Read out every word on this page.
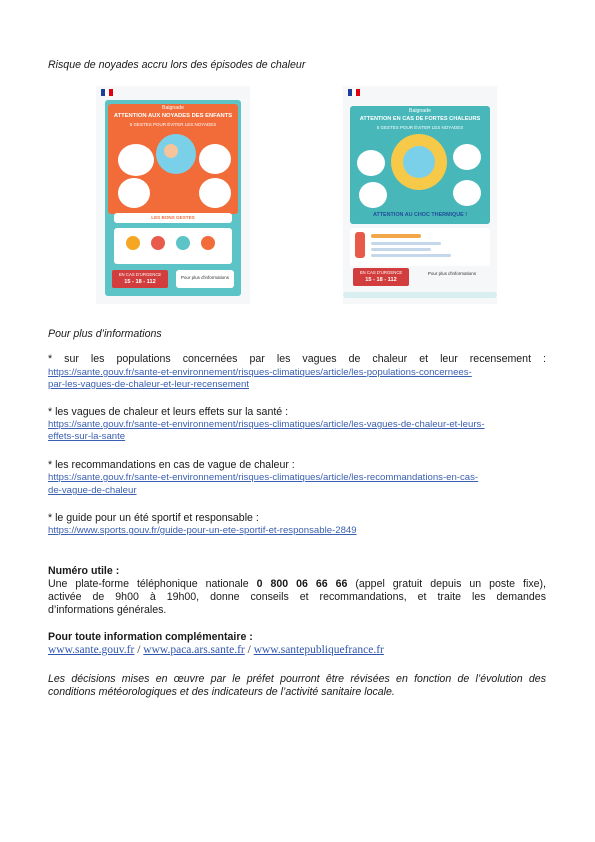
Risque de noyades accru lors des épisodes de chaleur
Baignade
ATTENTION AUX NOYADES DES ENFANTS
5 GESTES POUR ÉVITER LES NOYADES
LES BONS GESTES
EN CAS D'URGENCE
15 - 18 - 112
Pour plus d'informations
Baignade
ATTENTION EN CAS DE FORTES CHALEURS
5 GESTES POUR ÉVITER LES NOYADES
ATTENTION AU CHOC THERMIQUE !
EN CAS D'URGENCE
15 - 18 - 112
Pour plus d'informations
Pour plus d’informations
* sur les populations concernées par les vagues de chaleur et leur recensement :
https://sante.gouv.fr/sante-et-environnement/risques-climatiques/article/les-populations-concernees-
par-les-vagues-de-chaleur-et-leur-recensement
* les vagues de chaleur et leurs effets sur la santé :
https://sante.gouv.fr/sante-et-environnement/risques-climatiques/article/les-vagues-de-chaleur-et-leurs-
effets-sur-la-sante
* les recommandations en cas de vague de chaleur :
https://sante.gouv.fr/sante-et-environnement/risques-climatiques/article/les-recommandations-en-cas-
de-vague-de-chaleur
* le guide pour un été sportif et responsable :
https://www.sports.gouv.fr/guide-pour-un-ete-sportif-et-responsable-2849
Numéro utile :
Une plate-forme téléphonique nationale 0 800 06 66 66 (appel gratuit depuis un poste fixe),
activée de 9h00 à 19h00, donne conseils et recommandations, et traite les demandes
d’informations générales.
Pour toute information complémentaire :
www.sante.gouv.fr / www.paca.ars.sante.fr / www.santepubliquefrance.fr
Les décisions mises en œuvre par le préfet pourront être révisées en fonction de l’évolution des
conditions météorologiques et des indicateurs de l’activité sanitaire locale.
